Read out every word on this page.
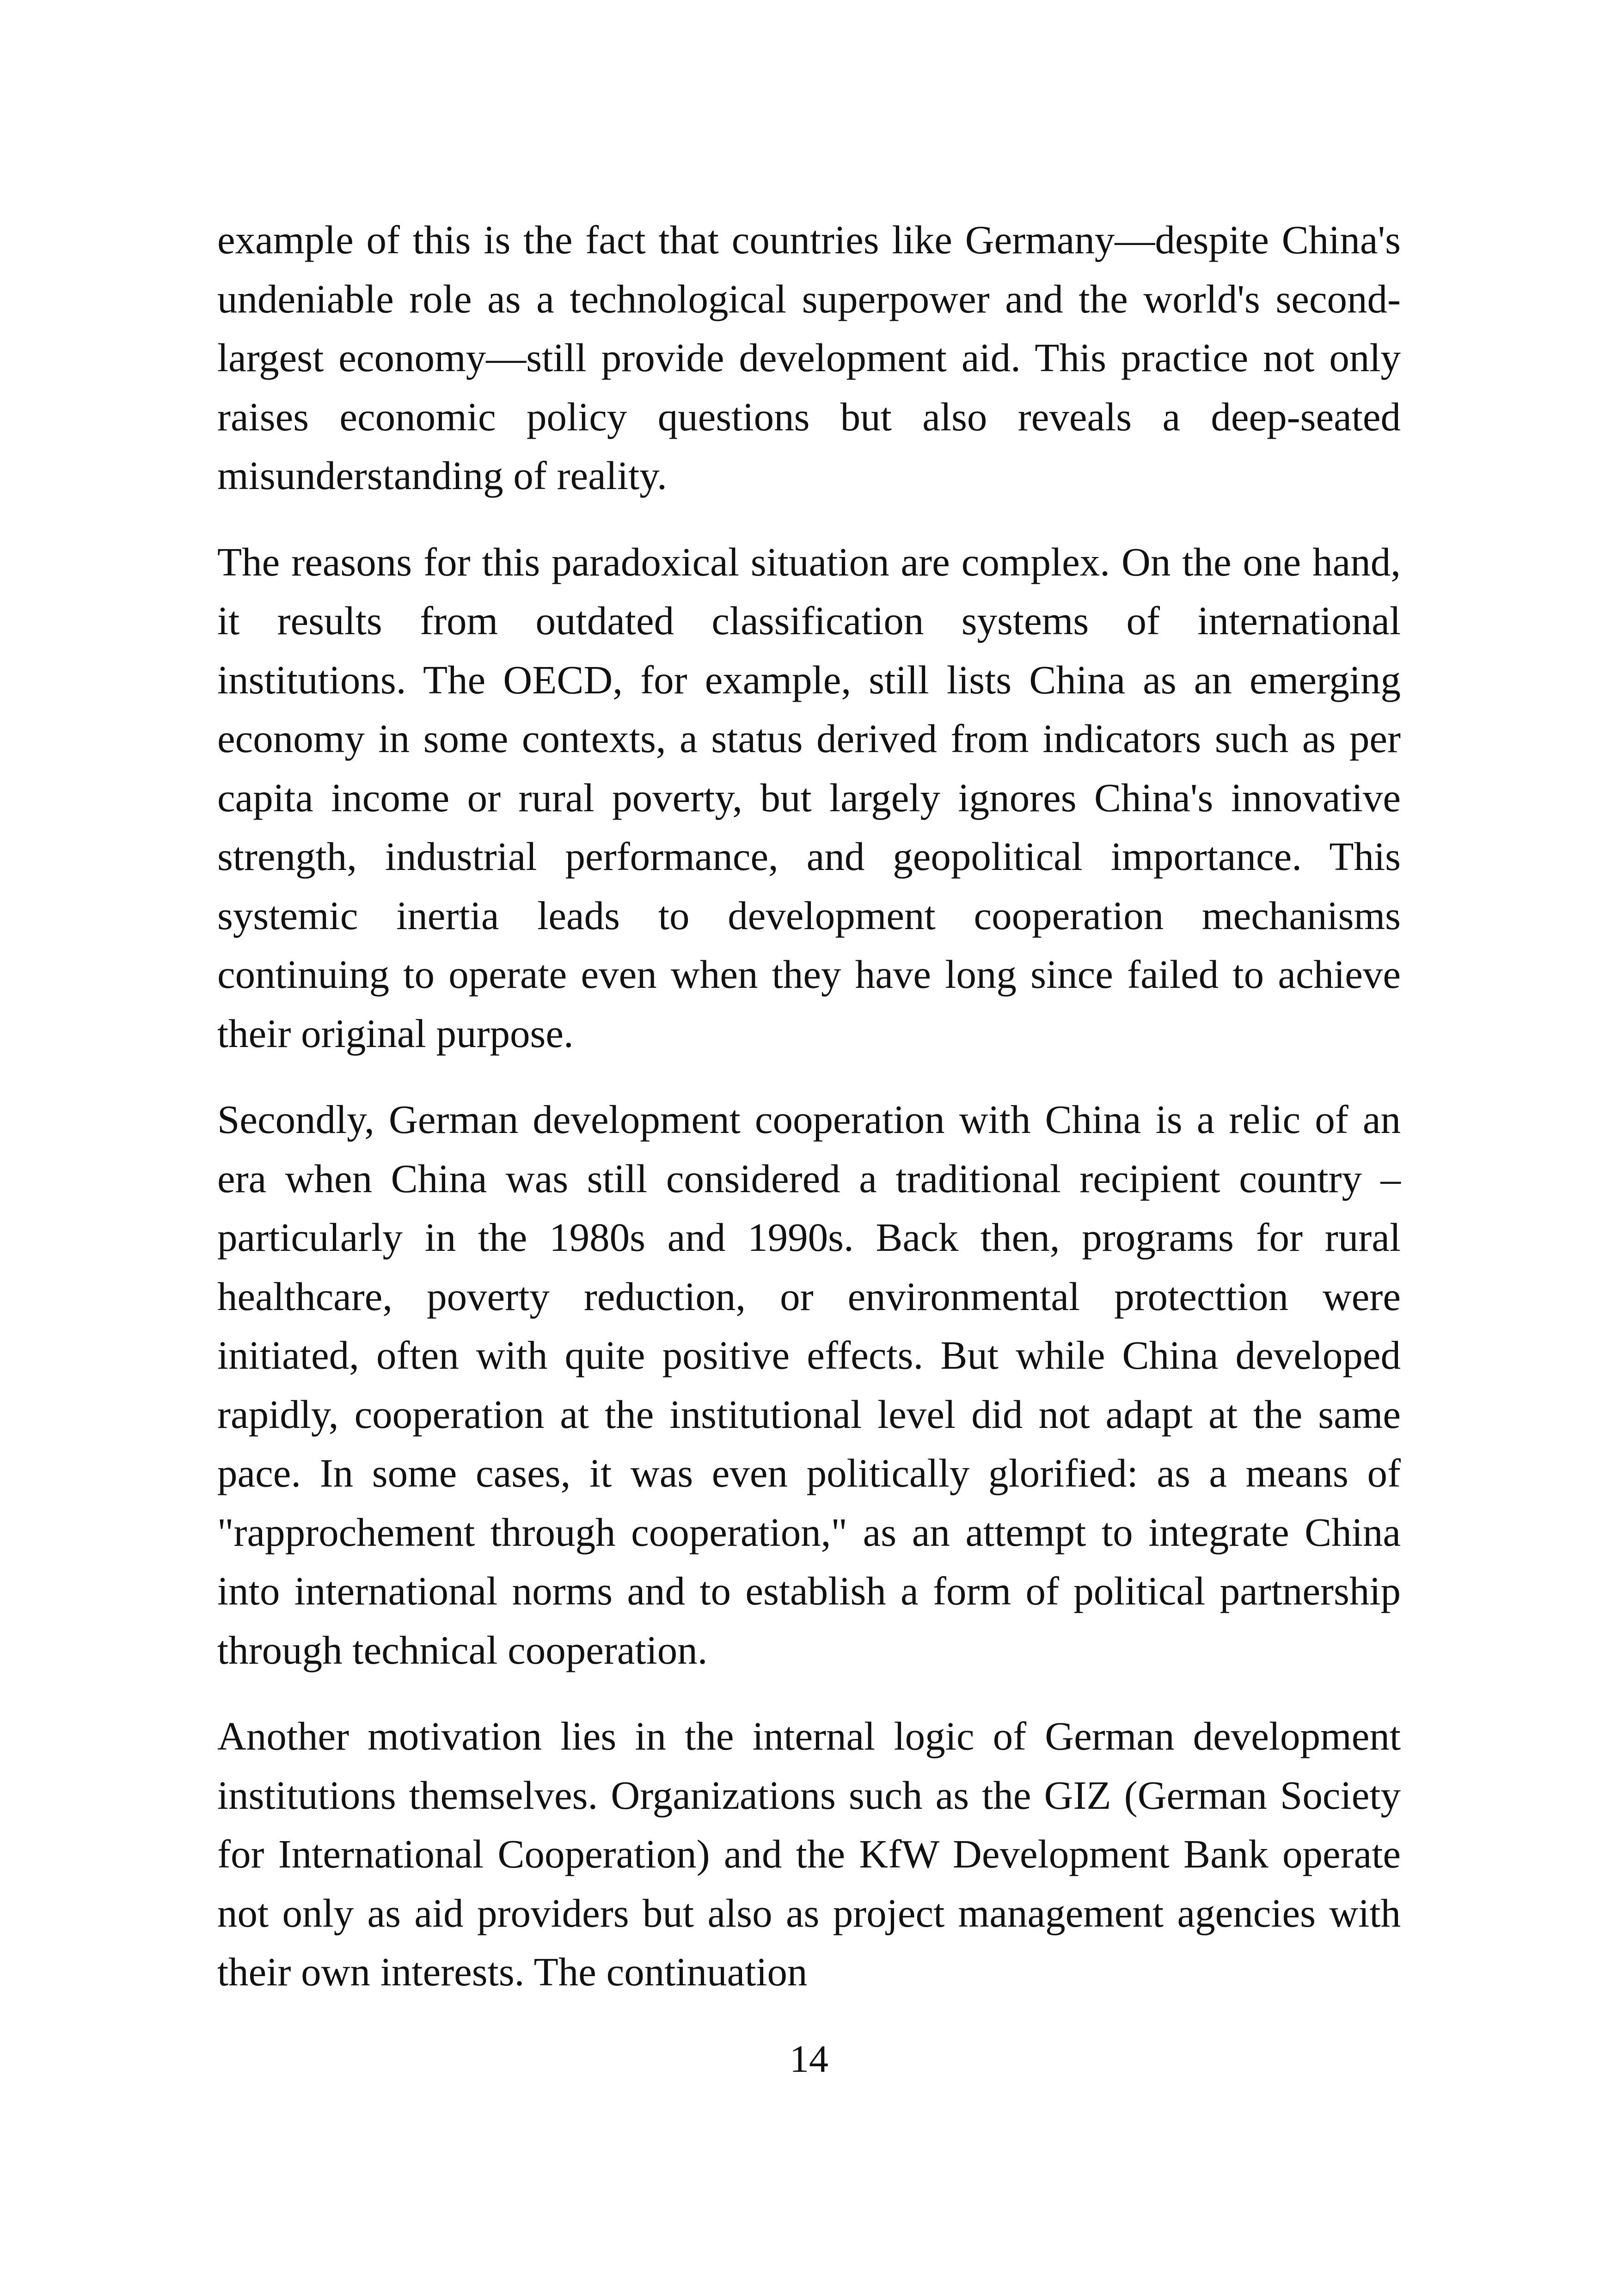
example of this is the fact that countries like Germany—despite China's undeniable role as a technological superpower and the world's second-largest economy—still provide development aid. This practice not only raises economic policy questions but also reveals a deep-seated misunderstanding of reality.

The reasons for this paradoxical situation are complex. On the one hand, it results from outdated classification systems of international institutions. The OECD, for example, still lists China as an emerging economy in some contexts, a status derived from indicators such as per capita income or rural poverty, but largely ignores China's innovative strength, industrial performance, and geopolitical importance. This systemic inertia leads to development cooperation mechanisms continuing to operate even when they have long since failed to achieve their original purpose.

Secondly, German development cooperation with China is a relic of an era when China was still considered a traditional recipient country – particularly in the 1980s and 1990s. Back then, programs for rural healthcare, poverty reduction, or environmental protecttion were initiated, often with quite positive effects. But while China developed rapidly, cooperation at the institutional level did not adapt at the same pace. In some cases, it was even politically glorified: as a means of "rapprochement through cooperation," as an attempt to integrate China into international norms and to establish a form of political partnership through technical cooperation.

Another motivation lies in the internal logic of German development institutions themselves. Organizations such as the GIZ (German Society for International Cooperation) and the KfW Development Bank operate not only as aid providers but also as project management agencies with their own interests. The continuation

14
